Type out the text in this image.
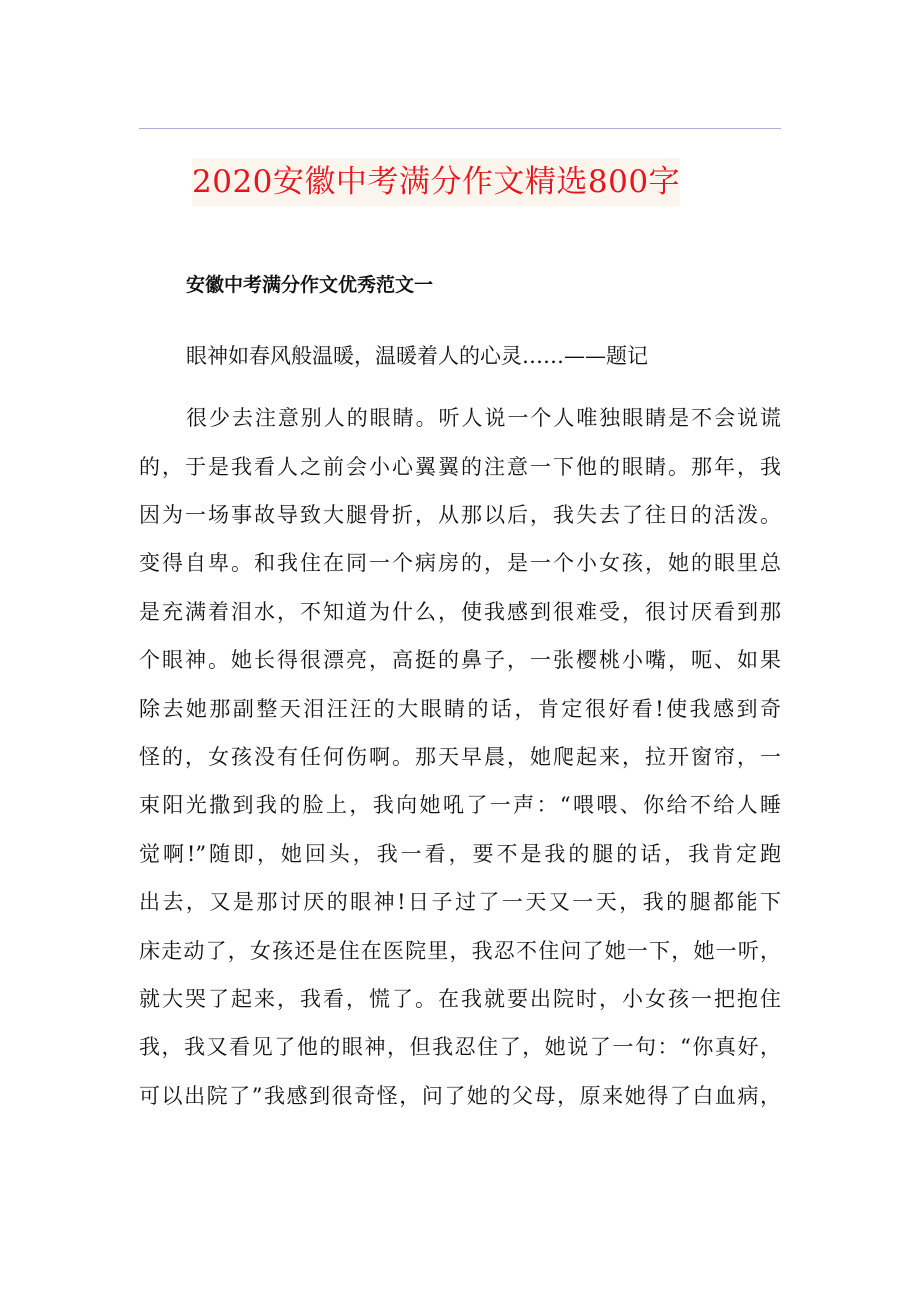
2020安徽中考满分作文精选800字
安徽中考满分作文优秀范文一
眼神如春风般温暖，温暖着人的心灵……——题记
很少去注意别人的眼睛。听人说一个人唯独眼睛是不会说谎
的，于是我看人之前会小心翼翼的注意一下他的眼睛。那年，我
因为一场事故导致大腿骨折，从那以后，我失去了往日的活泼。
变得自卑。和我住在同一个病房的，是一个小女孩，她的眼里总
是充满着泪水，不知道为什么，使我感到很难受，很讨厌看到那
个眼神。她长得很漂亮，高挺的鼻子，一张樱桃小嘴，呃、如果
除去她那副整天泪汪汪的大眼睛的话，肯定很好看!使我感到奇
怪的，女孩没有任何伤啊。那天早晨，她爬起来，拉开窗帘，一
束阳光撒到我的脸上，我向她吼了一声：“喂喂、你给不给人睡
觉啊!”随即，她回头，我一看，要不是我的腿的话，我肯定跑
出去，又是那讨厌的眼神!日子过了一天又一天，我的腿都能下
床走动了，女孩还是住在医院里，我忍不住问了她一下，她一听，
就大哭了起来，我看，慌了。在我就要出院时，小女孩一把抱住
我，我又看见了他的眼神，但我忍住了，她说了一句：“你真好，
可以出院了”我感到很奇怪，问了她的父母，原来她得了白血病，
